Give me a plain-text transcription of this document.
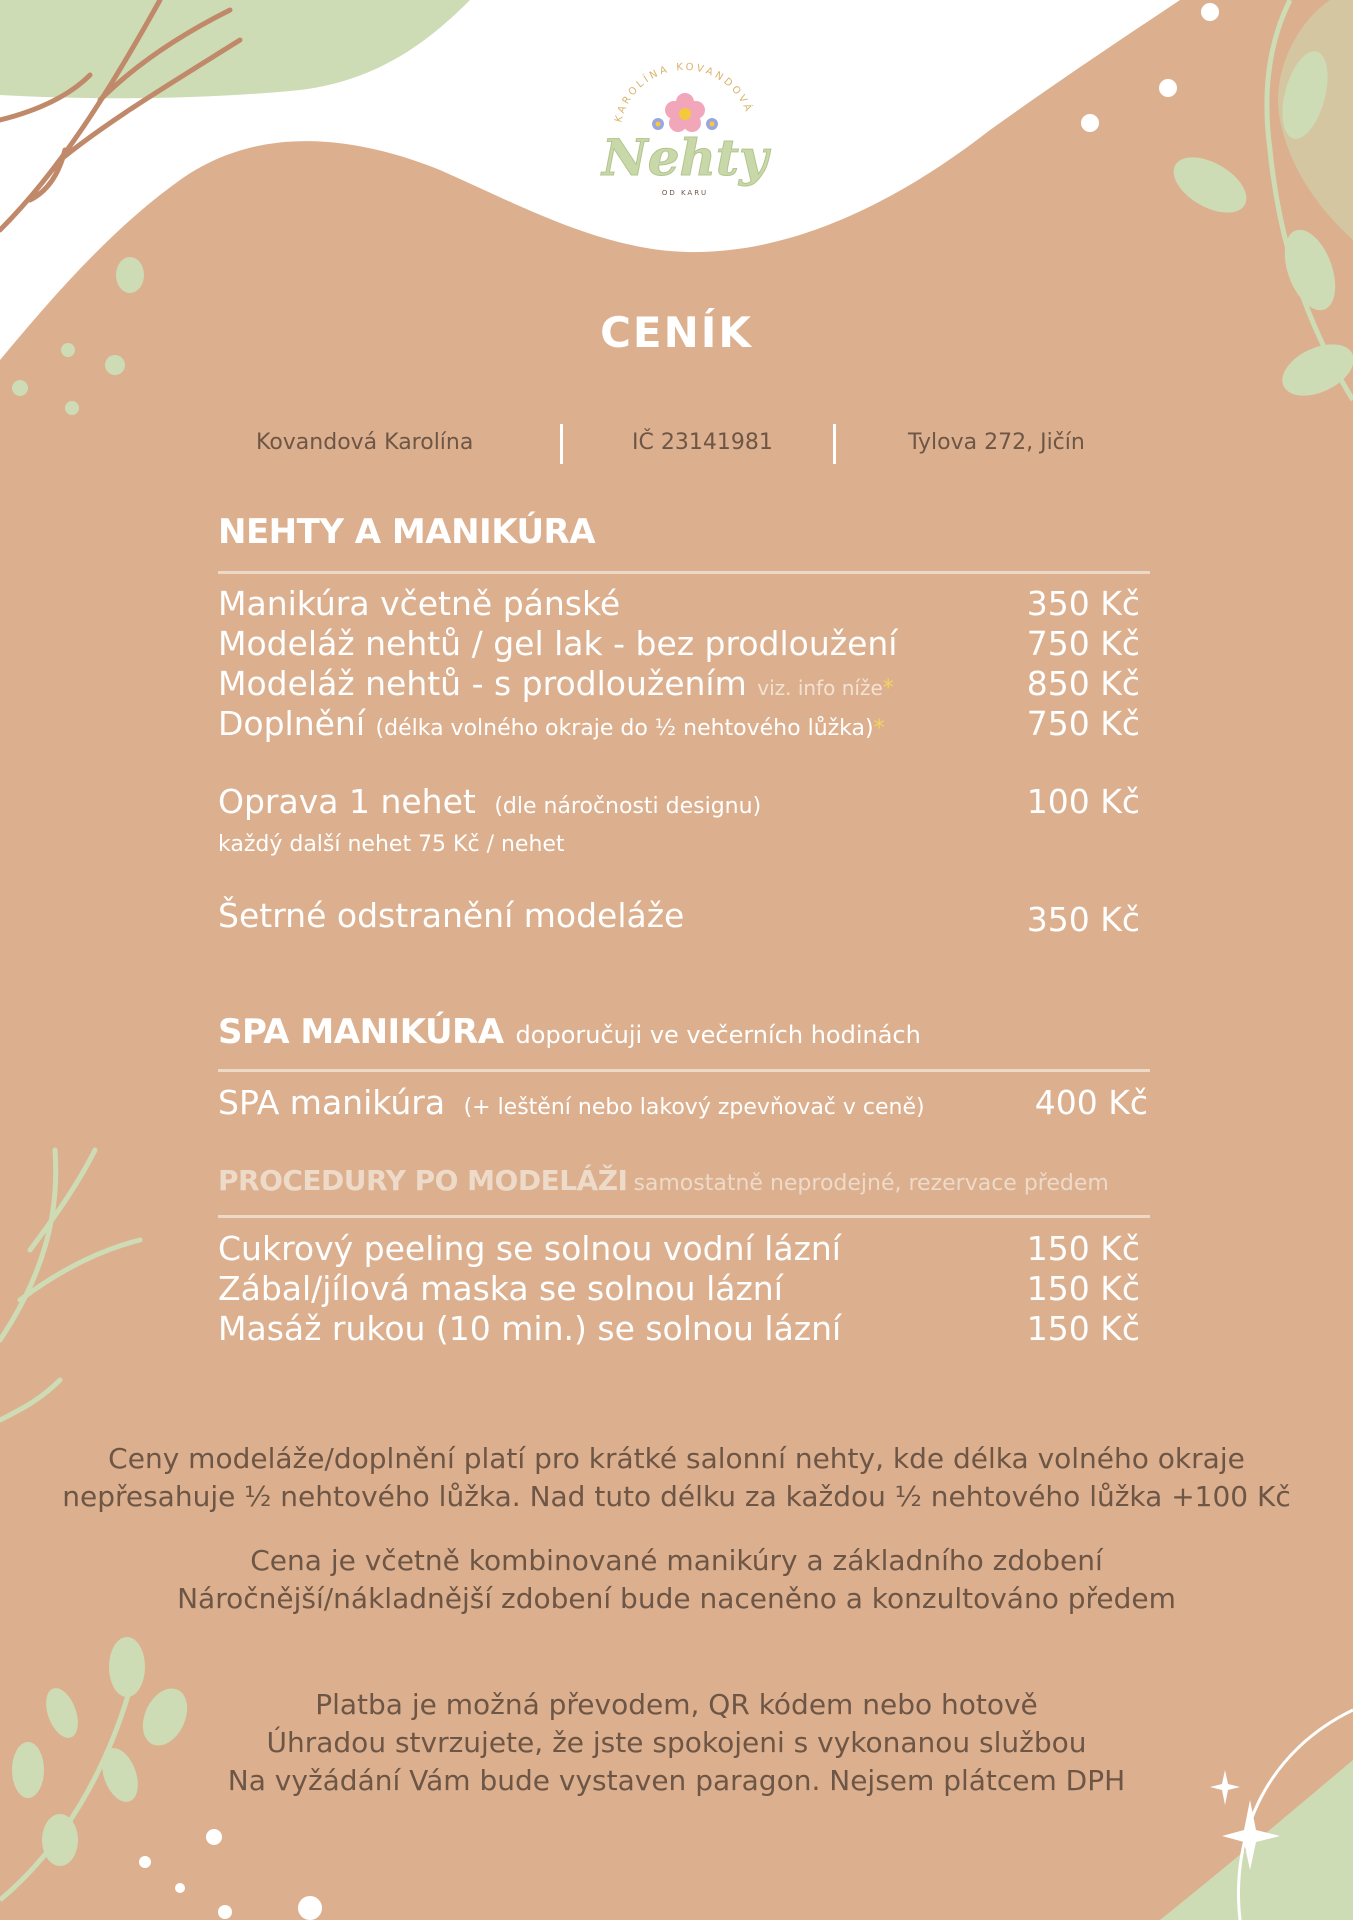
KAROLÍNA KOVANDOVÁ
Nehty
OD KARU
CENÍK
Kovandová Karolína	IČ 23141981	Tylova 272, Jičín
NEHTY A MANIKÚRA
Manikúra včetně pánské	350 Kč
Modeláž nehtů / gel lak - bez prodloužení	750 Kč
Modeláž nehtů - s prodloužením viz. info níže*	850 Kč
Doplnění (délka volného okraje do ½ nehtového lůžka)*	750 Kč
Oprava 1 nehet (dle náročnosti designu)	100 Kč
každý další nehet 75 Kč / nehet
Šetrné odstranění modeláže	350 Kč
SPA MANIKÚRA doporučuji ve večerních hodinách
SPA manikúra (+ leštění nebo lakový zpevňovač v ceně)	400 Kč
PROCEDURY PO MODELÁŽI samostatně neprodejné, rezervace předem
Cukrový peeling se solnou vodní lázní	150 Kč
Zábal/jílová maska se solnou lázní	150 Kč
Masáž rukou (10 min.) se solnou lázní	150 Kč
Ceny modeláže/doplnění platí pro krátké salonní nehty, kde délka volného okraje
nepřesahuje ½ nehtového lůžka. Nad tuto délku za každou ½ nehtového lůžka +100 Kč
Cena je včetně kombinované manikúry a základního zdobení
Náročnější/nákladnější zdobení bude naceněno a konzultováno předem
Platba je možná převodem, QR kódem nebo hotově
Úhradou stvrzujete, že jste spokojeni s vykonanou službou
Na vyžádání Vám bude vystaven paragon. Nejsem plátcem DPH
